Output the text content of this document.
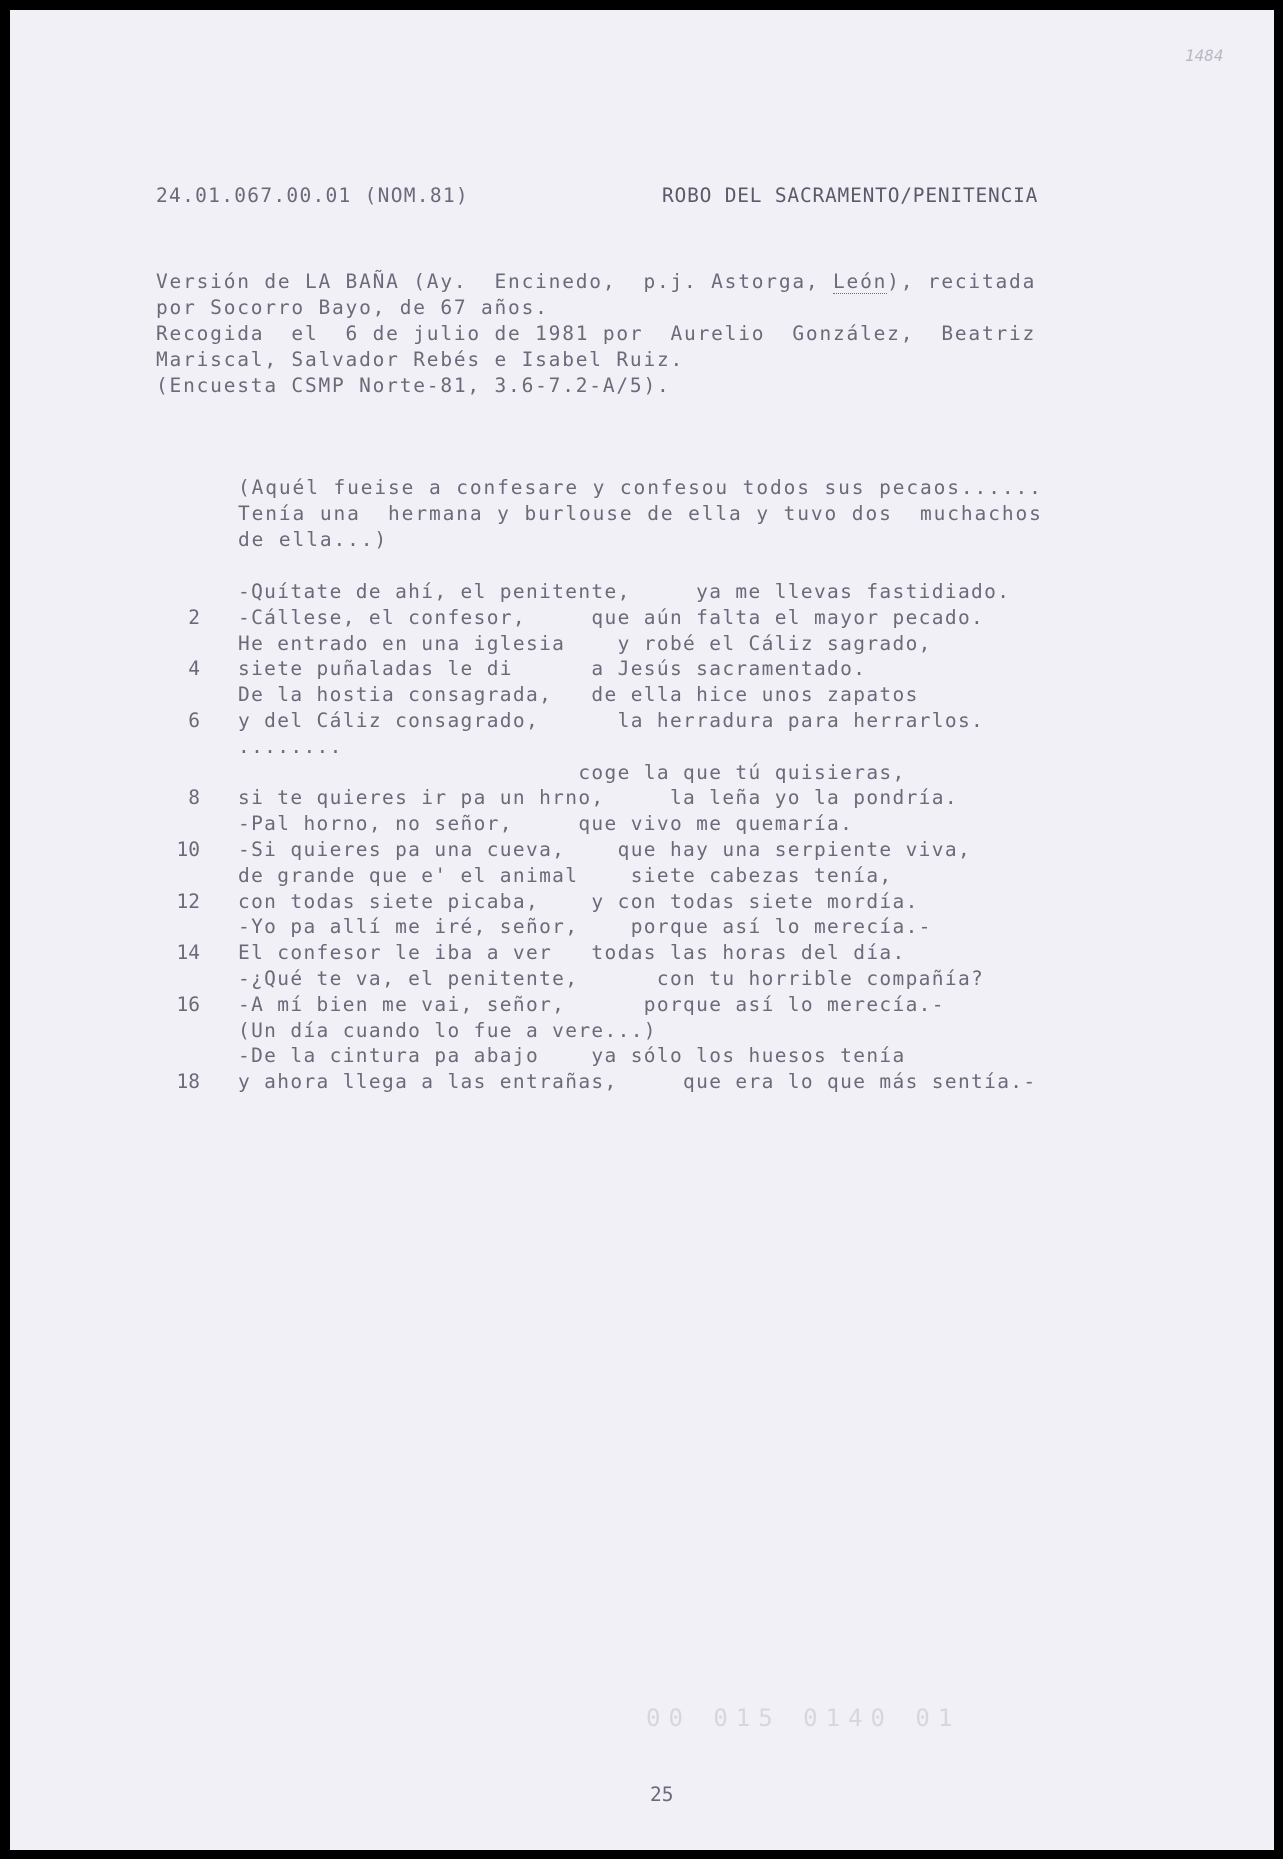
1484
24.01.067.00.01 (NOM.81)	ROBO DEL SACRAMENTO/PENITENCIA
Versión de LA BAÑA (Ay.  Encinedo,  p.j. Astorga, León), recitada
por Socorro Bayo, de 67 años.
Recogida  el  6 de julio de 1981 por  Aurelio  González,  Beatriz
Mariscal, Salvador Rebés e Isabel Ruiz.
(Encuesta CSMP Norte-81, 3.6-7.2-A/5).
(Aquél fueise a confesare y confesou todos sus pecaos......
Tenía una  hermana y burlouse de ella y tuvo dos  muchachos
de ella...)
-Quítate de ahí, el penitente,     ya me llevas fastidiado.
2 -Cállese, el confesor,     que aún falta el mayor pecado.
He entrado en una iglesia    y robé el Cáliz sagrado,
4 siete puñaladas le di      a Jesús sacramentado.
De la hostia consagrada,   de ella hice unos zapatos
6 y del Cáliz consagrado,      la herradura para herrarlos.
........
coge la que tú quisieras,
8 si te quieres ir pa un hrno,     la leña yo la pondría.
-Pal horno, no señor,     que vivo me quemaría.
10 -Si quieres pa una cueva,    que hay una serpiente viva,
de grande que e' el animal    siete cabezas tenía,
12 con todas siete picaba,    y con todas siete mordía.
-Yo pa allí me iré, señor,    porque así lo merecía.-
14 El confesor le iba a ver   todas las horas del día.
-¿Qué te va, el penitente,      con tu horrible compañía?
16 -A mí bien me vai, señor,      porque así lo merecía.-
(Un día cuando lo fue a vere...)
-De la cintura pa abajo    ya sólo los huesos tenía
18 y ahora llega a las entrañas,     que era lo que más sentía.-
00 015 0140 01
25
